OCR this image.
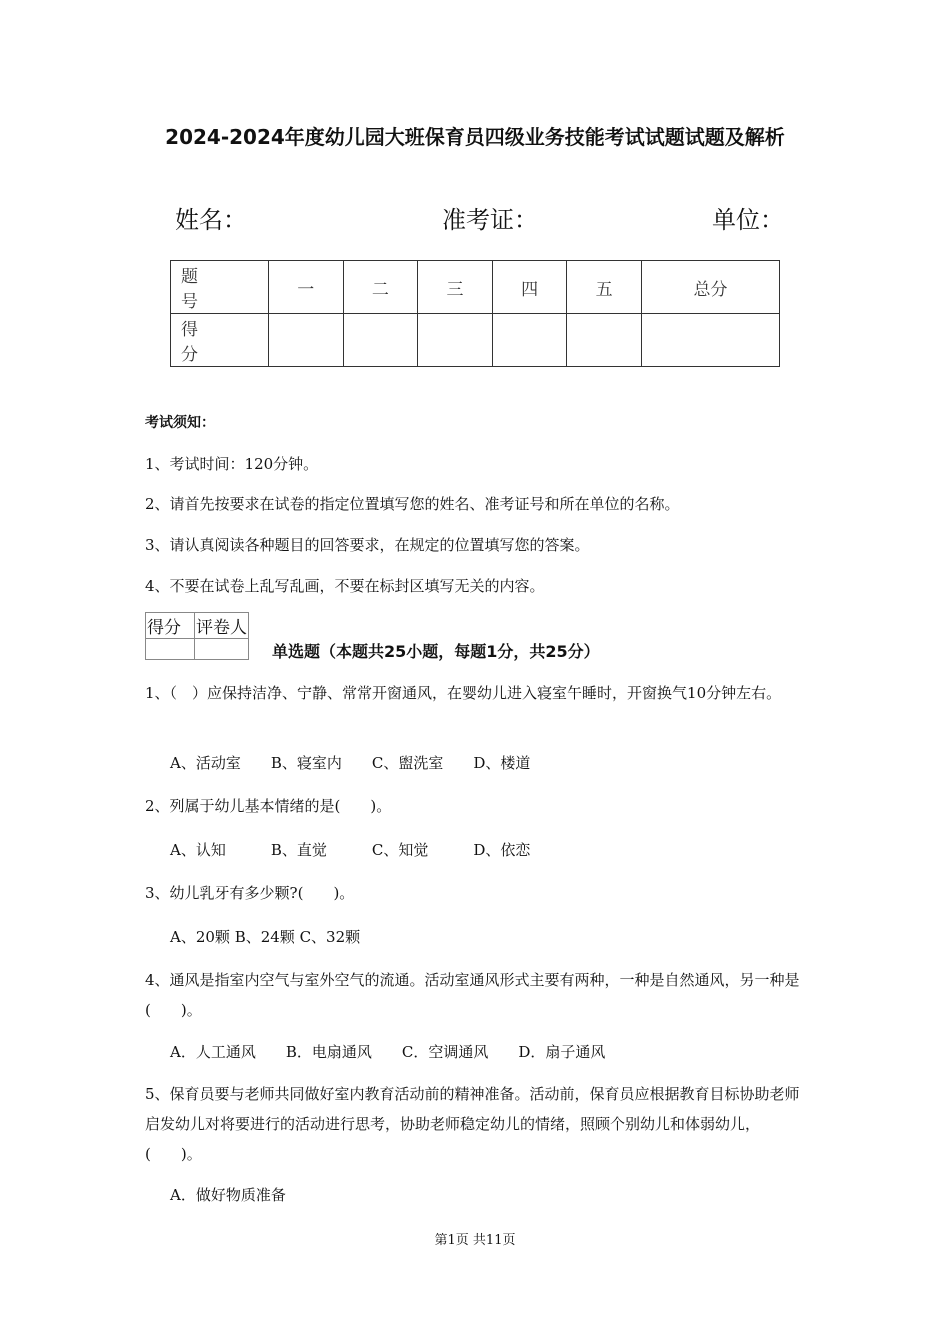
2024-2024年度幼儿园大班保育员四级业务技能考试试题试题及解析
姓名：	准考证：	单位：
题　号	一	二	三	四	五	总分
得　分						
考试须知：
1、考试时间：120分钟。
2、请首先按要求在试卷的指定位置填写您的姓名、准考证号和所在单位的名称。
3、请认真阅读各种题目的回答要求，在规定的位置填写您的答案。
4、不要在试卷上乱写乱画，不要在标封区填写无关的内容。
得分	评卷人

单选题（本题共25小题，每题1分，共25分）
1、（　）应保持洁净、宁静、常常开窗通风，在婴幼儿进入寝室午睡时，开窗换气10分钟左右。
A、活动室　　B、寝室内　　C、盥洗室　　D、楼道
2、列属于幼儿基本情绪的是(　　)。
A、认知　　　B、直觉　　　C、知觉　　　D、依恋
3、幼儿乳牙有多少颗?(　　)。
A、20颗 B、24颗 C、32颗
4、通风是指室内空气与室外空气的流通。活动室通风形式主要有两种，一种是自然通风，另一种是(　　)。
A．人工通风　　B．电扇通风　　C．空调通风　　D．扇子通风
5、保育员要与老师共同做好室内教育活动前的精神准备。活动前，保育员应根据教育目标协助老师启发幼儿对将要进行的活动进行思考，协助老师稳定幼儿的情绪，照顾个别幼儿和体弱幼儿，(　　)。
A．做好物质准备
第1页 共11页
